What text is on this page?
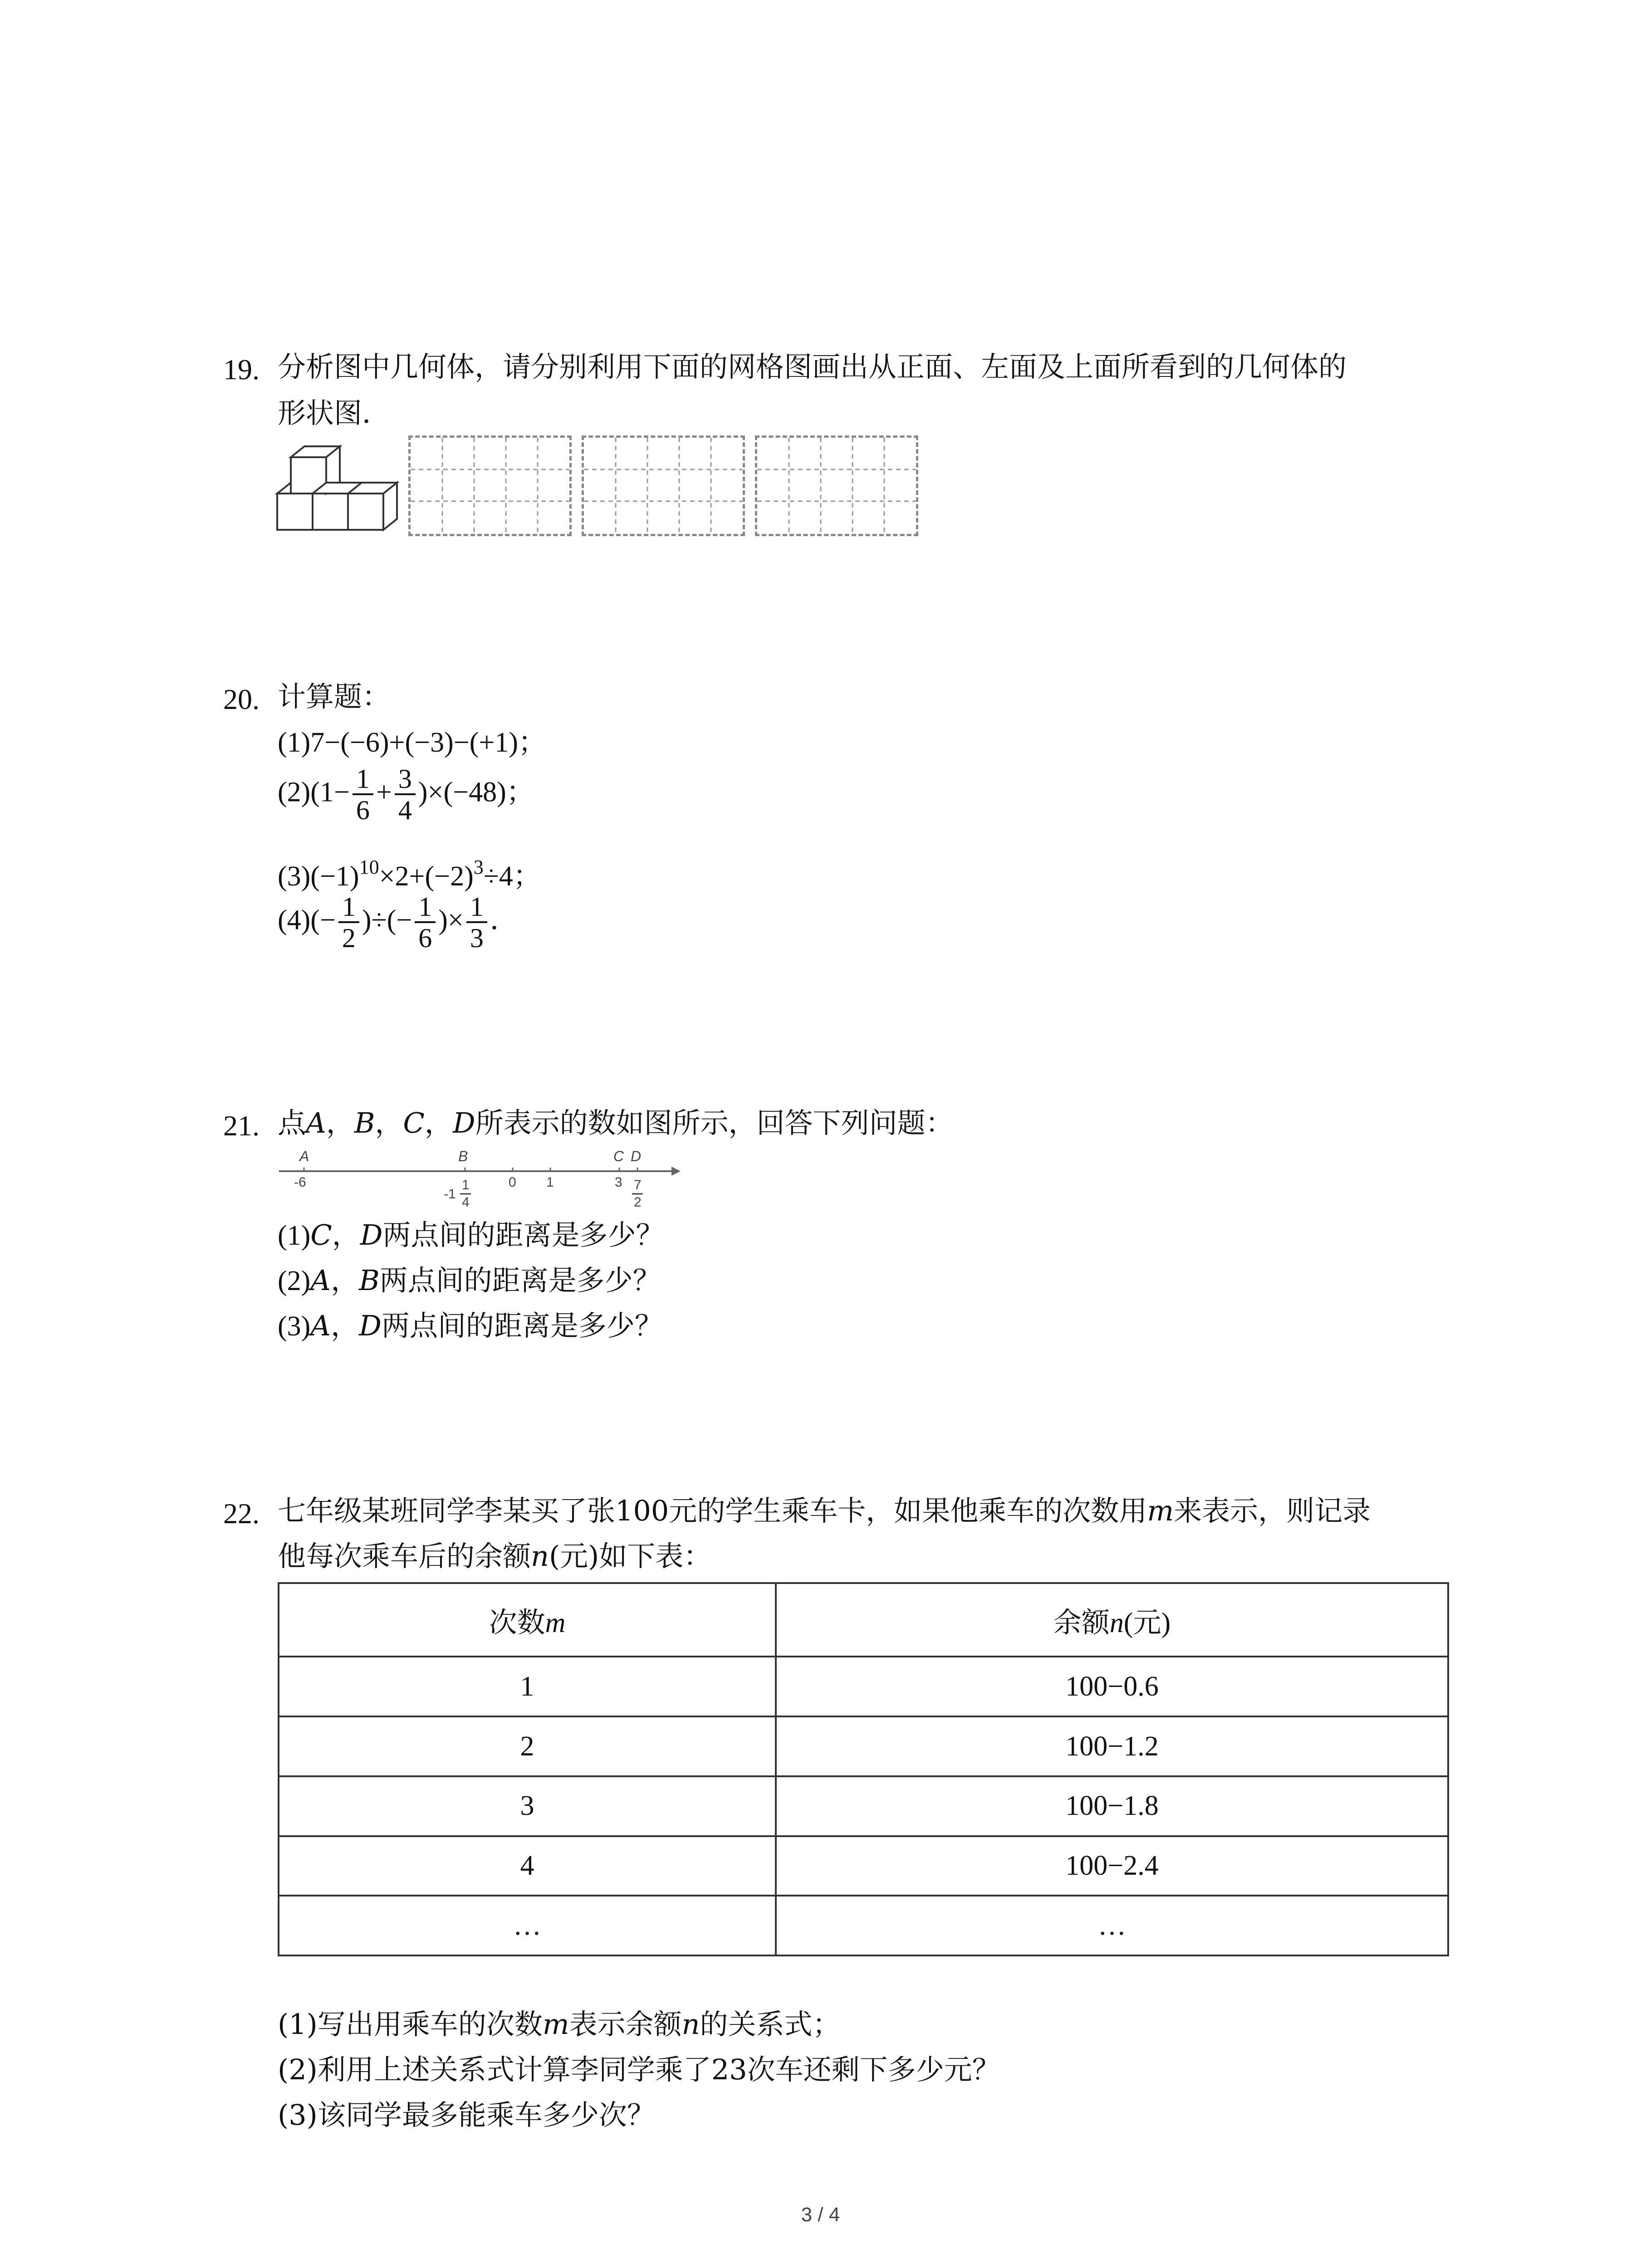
19. 分析图中几何体，请分别利用下面的网格图画出从正面、左面及上面所看到的几何体的
形状图．
20. 计算题：
(1)7−(−6)+(−3)−(+1)；
$(2)(1- \frac{1}{6} + \frac{3}{4} )\times(-48)$；
$(3)(-1)^{10}\times 2+(-2)^3\div 4$；
$(4)(- \frac{1}{2}$ )÷(− $\frac{1}{6}$ )× $\frac{1}{3}$ ．
21. 点A，B，C，D所表示的数如图所示，回答下列问题：
A	B	C D
-6
-1
1
4
0 1	3 7
2
(1)C，D两点间的距离是多少？
(2)A，B两点间的距离是多少？
(3)A，D两点间的距离是多少？
22. 七年级某班同学李某买了张100元的学生乘车卡，如果他乘车的次数用m来表示，则记录
他每次乘车后的余额n(元)如下表：
次数m	余额n(元)
1	100−0.6
2	100−1.2
3	100−1.8
4	100−2.4
…	…
(1)写出用乘车的次数m表示余额n的关系式；
(2)利用上述关系式计算李同学乘了23次车还剩下多少元？
(3)该同学最多能乘车多少次？
3 / 4
